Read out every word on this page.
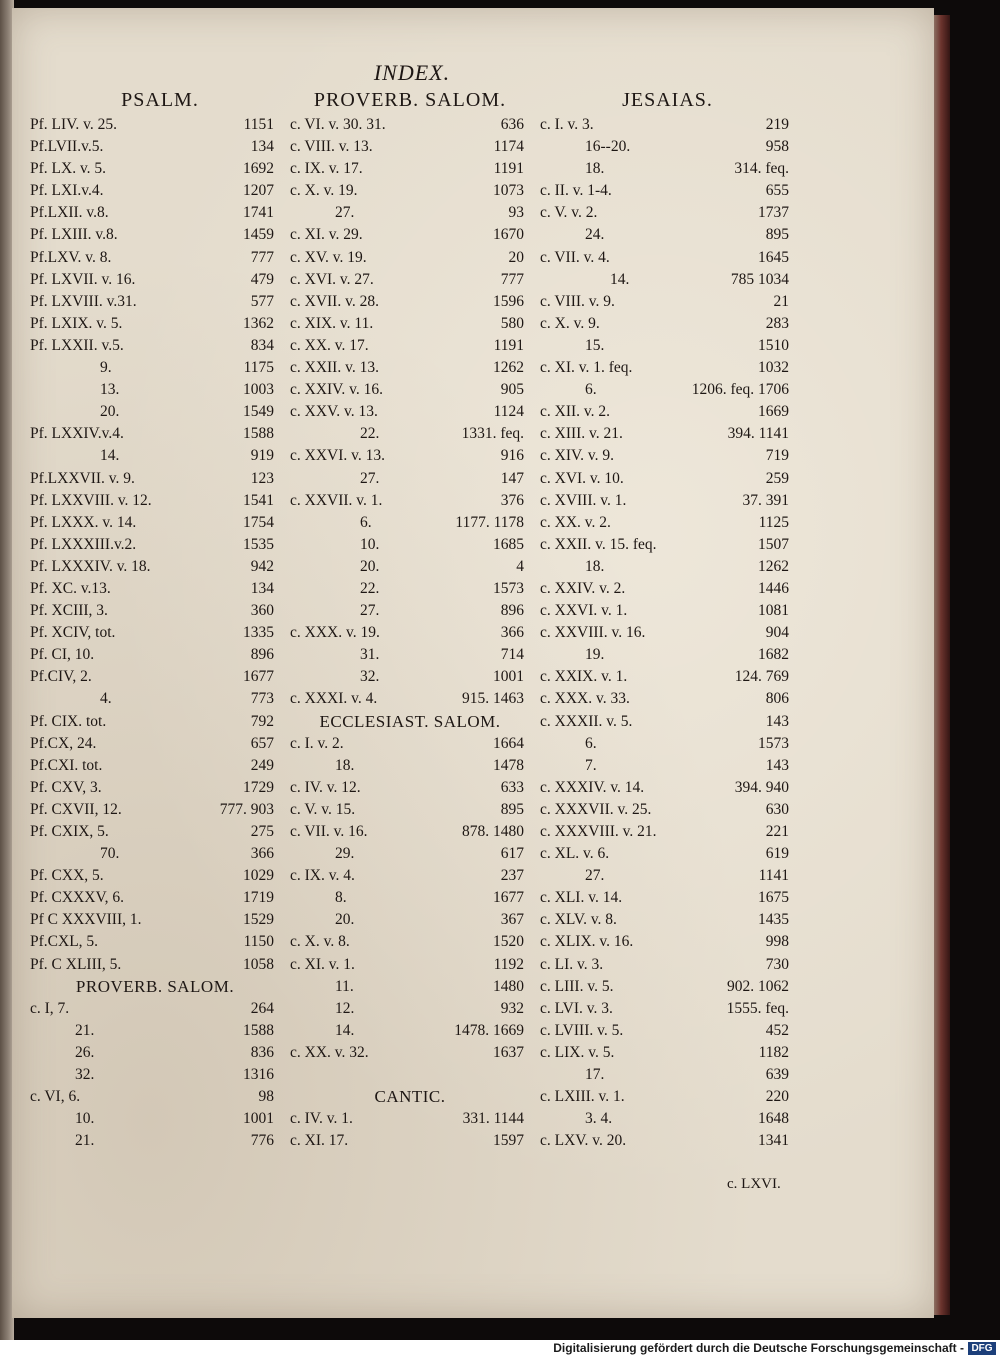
INDEX.
PSALM.
Pf. LIV. v. 25.	1151
Pf.LVII.v.5.	134
Pf. LX. v. 5.	1692
Pf. LXI.v.4.	1207
Pf.LXII. v.8.	1741
Pf. LXIII. v.8.	1459
Pf.LXV. v. 8.	777
Pf. LXVII. v. 16.	479
Pf. LXVIII. v.31.	577
Pf. LXIX. v. 5.	1362
Pf. LXXII. v.5.	834
9.	1175
13.	1003
20.	1549
Pf. LXXIV.v.4.	1588
14.	919
Pf.LXXVII. v. 9.	123
Pf. LXXVIII. v. 12.	1541
Pf. LXXX. v. 14.	1754
Pf. LXXXIII.v.2.	1535
Pf. LXXXIV. v. 18.	942
Pf. XC. v.13.	134
Pf. XCIII, 3.	360
Pf. XCIV, tot.	1335
Pf. CI, 10.	896
Pf.CIV, 2.	1677
4.	773
Pf. CIX. tot.	792
Pf.CX, 24.	657
Pf.CXI. tot.	249
Pf. CXV, 3.	1729
Pf. CXVII, 12.	777. 903
Pf. CXIX, 5.	275
70.	366
Pf. CXX, 5.	1029
Pf. CXXXV, 6.	1719
Pf C XXXVIII, 1.	1529
Pf.CXL, 5.	1150
Pf. C XLIII, 5.	1058
PROVERB. SALOM.
c. I, 7.	264
21.	1588
26.	836
32.	1316
c. VI, 6.	98
10.	1001
21.	776
PROVERB. SALOM.
c. VI. v. 30. 31.	636
c. VIII. v. 13.	1174
c. IX. v. 17.	1191
c. X. v. 19.	1073
27.	93
c. XI. v. 29.	1670
c. XV. v. 19.	20
c. XVI. v. 27.	777
c. XVII. v. 28.	1596
c. XIX. v. 11.	580
c. XX. v. 17.	1191
c. XXII. v. 13.	1262
c. XXIV. v. 16.	905
c. XXV. v. 13.	1124
22.	1331. feq.
c. XXVI. v. 13.	916
27.	147
c. XXVII. v. 1.	376
6.	1177. 1178
10.	1685
20.	4
22.	1573
27.	896
c. XXX. v. 19.	366
31.	714
32.	1001
c. XXXI. v. 4.	915. 1463
ECCLESIAST. SALOM.
c. I. v. 2.	1664
18.	1478
c. IV. v. 12.	633
c. V. v. 15.	895
c. VII. v. 16.	878. 1480
29.	617
c. IX. v. 4.	237
8.	1677
20.	367
c. X. v. 8.	1520
c. XI. v. 1.	1192
11.	1480
12.	932
14.	1478. 1669
c. XX. v. 32.	1637
CANTIC.
c. IV. v. 1.	331. 1144
c. XI. 17.	1597
JESAIAS.
c. I. v. 3.	219
16--20.	958
18.	314. feq.
c. II. v. 1-4.	655
c. V. v. 2.	1737
24.	895
c. VII. v. 4.	1645
14.	785 1034
c. VIII. v. 9.	21
c. X. v. 9.	283
15.	1510
c. XI. v. 1. feq.	1032
6.	1206. feq. 1706
c. XII. v. 2.	1669
c. XIII. v. 21.	394. 1141
c. XIV. v. 9.	719
c. XVI. v. 10.	259
c. XVIII. v. 1.	37. 391
c. XX. v. 2.	1125
c. XXII. v. 15. feq.	1507
18.	1262
c. XXIV. v. 2.	1446
c. XXVI. v. 1.	1081
c. XXVIII. v. 16.	904
19.	1682
c. XXIX. v. 1.	124. 769
c. XXX. v. 33.	806
c. XXXII. v. 5.	143
6.	1573
7.	143
c. XXXIV. v. 14.	394. 940
c. XXXVII. v. 25.	630
c. XXXVIII. v. 21.	221
c. XL. v. 6.	619
27.	1141
c. XLI. v. 14.	1675
c. XLV. v. 8.	1435
c. XLIX. v. 16.	998
c. LI. v. 3.	730
c. LIII. v. 5.	902. 1062
c. LVI. v. 3.	1555. feq.
c. LVIII. v. 5.	452
c. LIX. v. 5.	1182
17.	639
c. LXIII. v. 1.	220
3. 4.	1648
c. LXV. v. 20.	1341
c. LXVI.
Digitalisierung gefördert durch die Deutsche Forschungsgemeinschaft - DFG
